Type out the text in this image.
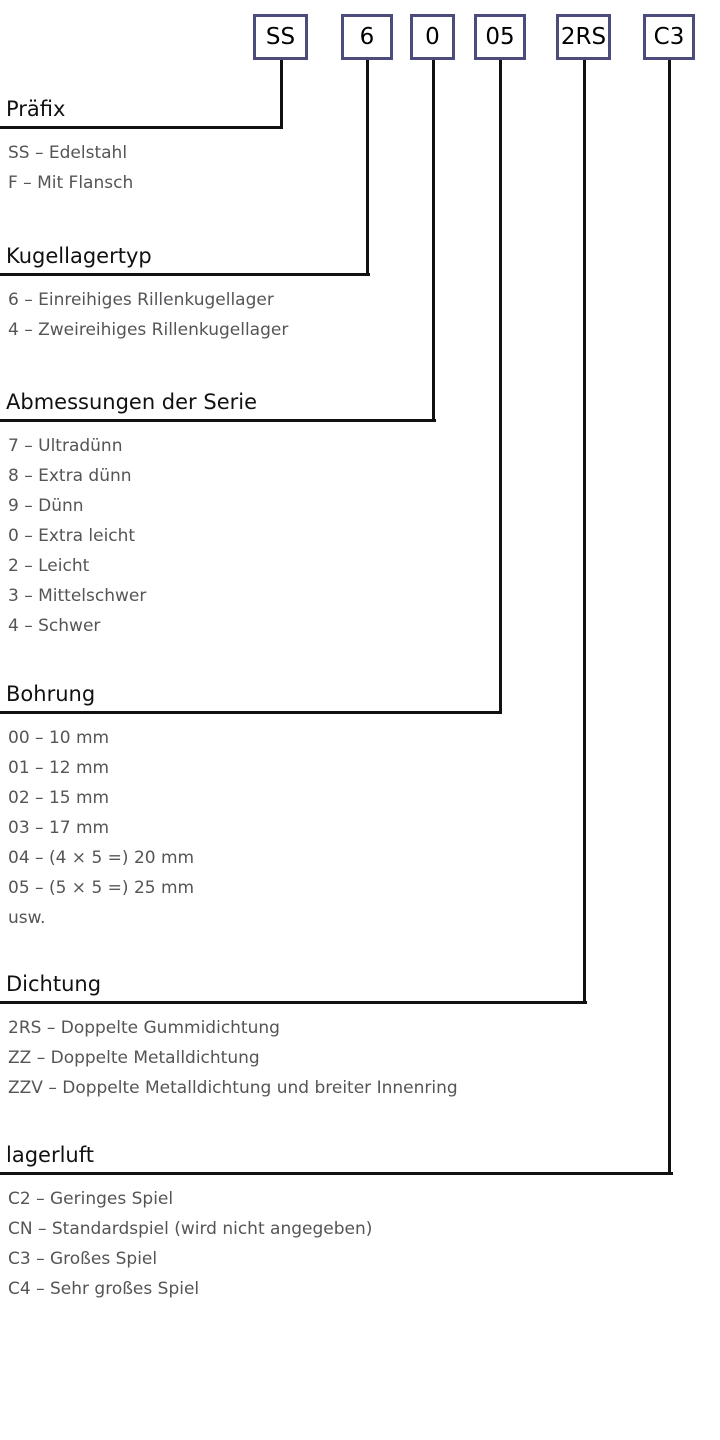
SS	6	0	05	2RS	C3
Präfix
SS – Edelstahl
F – Mit Flansch
Kugellagertyp
6 – Einreihiges Rillenkugellager
4 – Zweireihiges Rillenkugellager
Abmessungen der Serie
7 – Ultradünn
8 – Extra dünn
9 – Dünn
0 – Extra leicht
2 – Leicht
3 – Mittelschwer
4 – Schwer
Bohrung
00 – 10 mm
01 – 12 mm
02 – 15 mm
03 – 17 mm
04 – (4 × 5 =) 20 mm
05 – (5 × 5 =) 25 mm
usw.
Dichtung
2RS – Doppelte Gummidichtung
ZZ – Doppelte Metalldichtung
ZZV – Doppelte Metalldichtung und breiter Innenring
lagerluft
C2 – Geringes Spiel
CN – Standardspiel (wird nicht angegeben)
C3 – Großes Spiel
C4 – Sehr großes Spiel
